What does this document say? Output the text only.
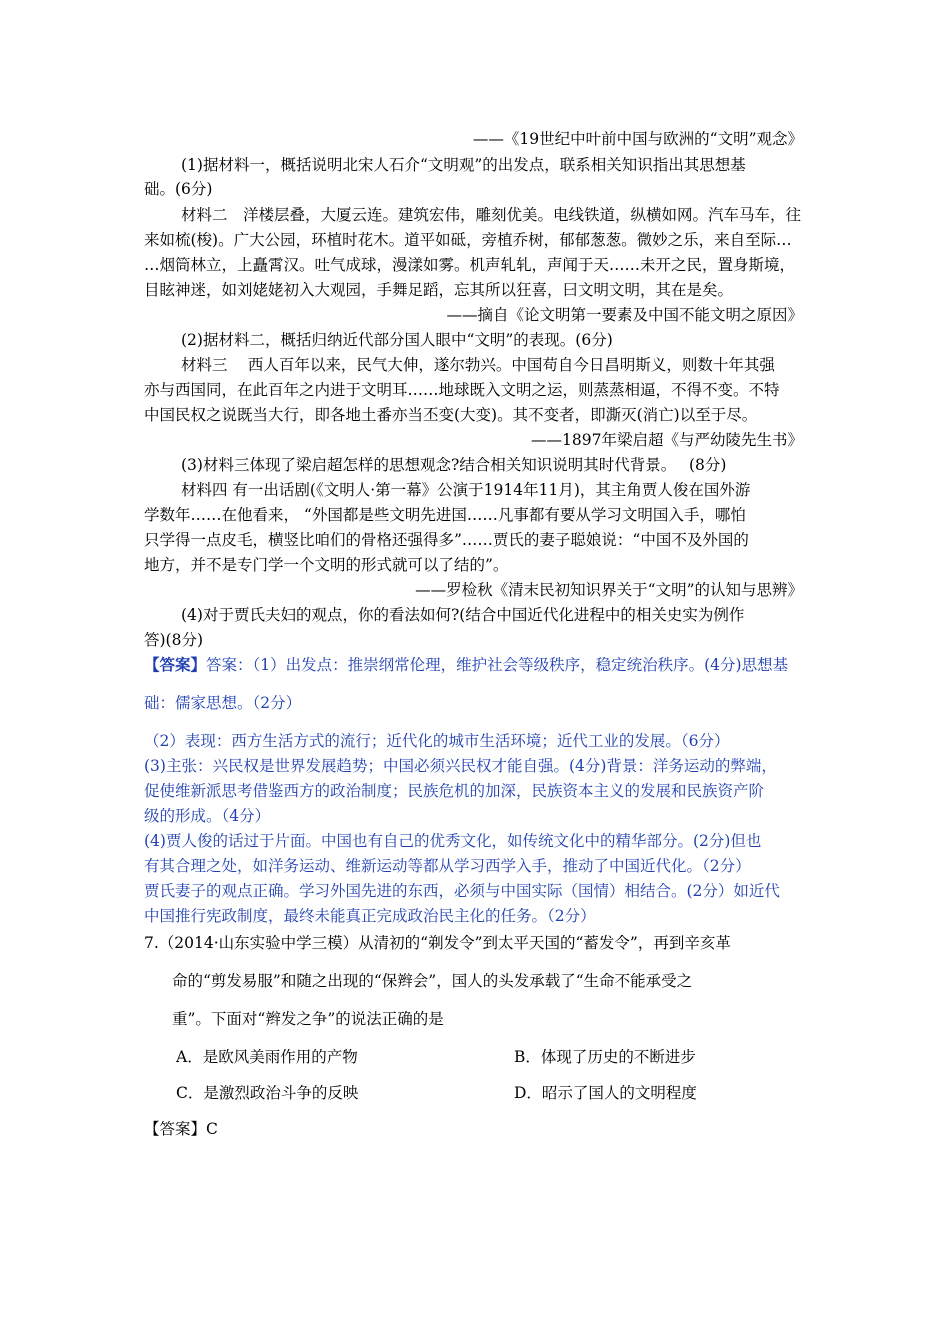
——《19世纪中叶前中国与欧洲的“文明”观念》
(1)据材料一，概括说明北宋人石介“文明观”的出发点，联系相关知识指出其思想基
础。(6分)
材料二　洋楼层叠，大厦云连。建筑宏伟，雕刻优美。电线铁道，纵横如网。汽车马车，往
来如梳(梭)。广大公园，环植时花木。道平如砥，旁植乔树，郁郁葱葱。微妙之乐，来自至际…
…烟筒林立，上矗霄汉。吐气成球，漫漾如雾。机声轧轧，声闻于天……未开之民，置身斯境，
目眩神迷，如刘姥姥初入大观园，手舞足蹈，忘其所以狂喜，曰文明文明，其在是矣。
——摘自《论文明第一要素及中国不能文明之原因》
(2)据材料二，概括归纳近代部分国人眼中“文明”的表现。(6分)
材料三　 西人百年以来，民气大伸，遂尔勃兴。中国苟自今日昌明斯义，则数十年其强
亦与西国同，在此百年之内进于文明耳……地球既入文明之运，则蒸蒸相逼，不得不变。不特
中国民权之说既当大行，即各地土番亦当丕变(大变)。其不变者，即澌灭(消亡)以至于尽。
——1897年梁启超《与严幼陵先生书》
(3)材料三体现了梁启超怎样的思想观念?结合相关知识说明其时代背景。　 (8分)
材料四 有一出话剧(《文明人·第一幕》公演于1914年11月)，其主角贾人俊在国外游
学数年……在他看来， “外国都是些文明先进国……凡事都有要从学习文明国入手，哪怕
只学得一点皮毛，横竖比咱们的骨格还强得多”……贾氏的妻子聪娘说：“中国不及外国的
地方，并不是专门学一个文明的形式就可以了结的”。
——罗检秋《清末民初知识界关于“文明”的认知与思辨》
(4)对于贾氏夫妇的观点，你的看法如何?(结合中国近代化进程中的相关史实为例作
答)(8分)
【答案】答案：（1）出发点：推崇纲常伦理，维护社会等级秩序，稳定统治秩序。(4分)思想基
础：儒家思想。（2分）
（2）表现：西方生活方式的流行；近代化的城市生活环境；近代工业的发展。（6分）
(3)主张：兴民权是世界发展趋势；中国必须兴民权才能自强。(4分)背景：洋务运动的弊端，
促使维新派思考借鉴西方的政治制度；民族危机的加深，民族资本主义的发展和民族资产阶
级的形成。（4分）
(4)贾人俊的话过于片面。中国也有自己的优秀文化，如传统文化中的精华部分。(2分)但也
有其合理之处，如洋务运动、维新运动等都从学习西学入手，推动了中国近代化。（2分）
贾氏妻子的观点正确。学习外国先进的东西，必须与中国实际（国情）相结合。(2分）如近代
中国推行宪政制度，最终未能真正完成政治民主化的任务。（2分）
7.（2014·山东实验中学三模）从清初的“剃发令”到太平天国的“蓄发令”，再到辛亥革
命的“剪发易服”和随之出现的“保辫会”，国人的头发承载了“生命不能承受之
重”。下面对“辫发之争”的说法正确的是
A．是欧风美雨作用的产物	B．体现了历史的不断进步
C．是激烈政治斗争的反映	D．昭示了国人的文明程度
【答案】C
